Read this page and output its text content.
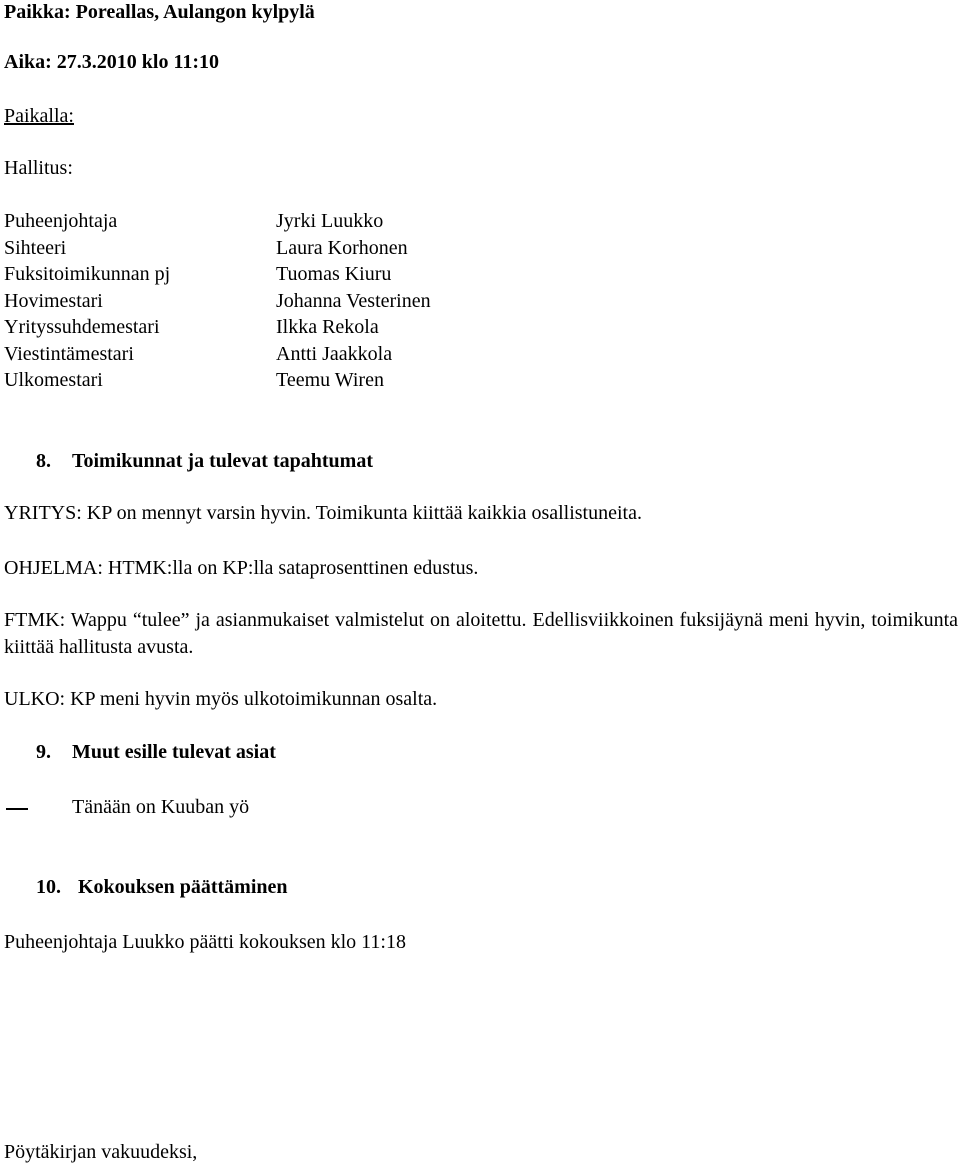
Paikka: Poreallas, Aulangon kylpylä
Aika: 27.3.2010 klo 11:10
Paikalla:
Hallitus:
Puheenjohtaja	Jyrki Luukko
Sihteeri	Laura Korhonen
Fuksitoimikunnan pj	Tuomas Kiuru
Hovimestari	Johanna Vesterinen
Yrityssuhdemestari	Ilkka Rekola
Viestintämestari	Antti Jaakkola
Ulkomestari	Teemu Wiren
8. Toimikunnat ja tulevat tapahtumat
YRITYS: KP on mennyt varsin hyvin. Toimikunta kiittää kaikkia osallistuneita.
OHJELMA: HTMK:lla on KP:lla sataprosenttinen edustus.
FTMK: Wappu “tulee” ja asianmukaiset valmistelut on aloitettu. Edellisviikkoinen fuksijäynä meni hyvin, toimikunta kiittää hallitusta avusta.
ULKO: KP meni hyvin myös ulkotoimikunnan osalta.
9. Muut esille tulevat asiat
Tänään on Kuuban yö
10. Kokouksen päättäminen
Puheenjohtaja Luukko päätti kokouksen klo 11:18
Pöytäkirjan vakuudeksi,
